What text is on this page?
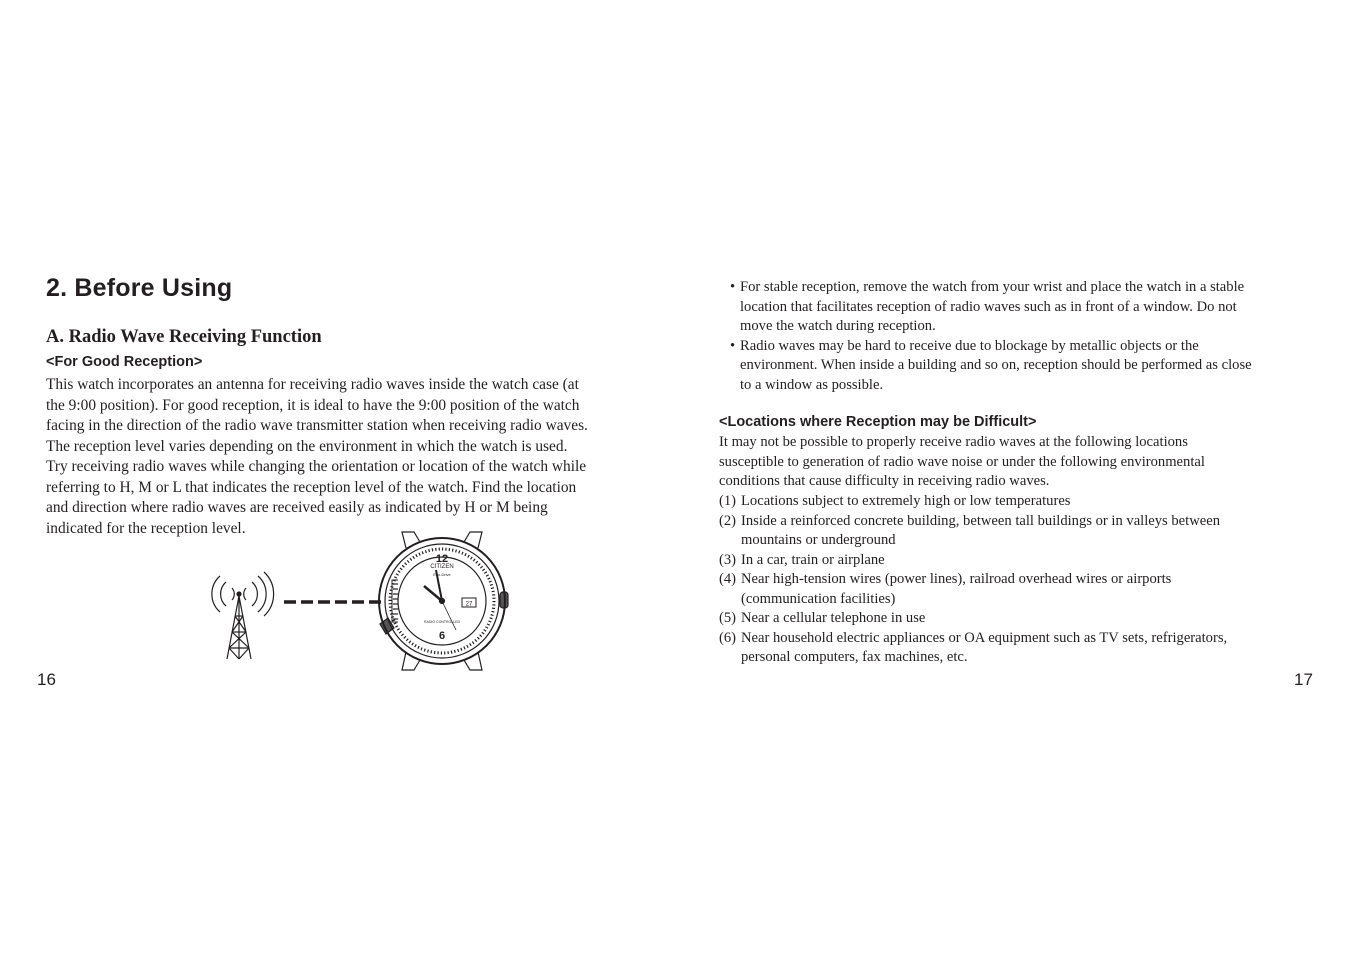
2. Before Using
A. Radio Wave Receiving Function

<For Good Reception>

This watch incorporates an antenna for receiving radio waves inside the watch case (at
the 9:00 position). For good reception, it is ideal to have the 9:00 position of the watch
facing in the direction of the radio wave transmitter station when receiving radio waves.
The reception level varies depending on the environment in which the watch is used.
Try receiving radio waves while changing the orientation or location of the watch while
referring to H, M or L that indicates the reception level of the watch. Find the location
and direction where radio waves are received easily as indicated by H or M being
indicated for the reception level.
CITIZEN
Eco-Drive
12
6
27
RADIO CONTROLLED

16

• For stable reception, remove the watch from your wrist and place the watch in a stable
location that facilitates reception of radio waves such as in front of a window. Do not
move the watch during reception.
• Radio waves may be hard to receive due to blockage by metallic objects or the
environment. When inside a building and so on, reception should be performed as close
to a window as possible.

<Locations where Reception may be Difficult>

It may not be possible to properly receive radio waves at the following locations
susceptible to generation of radio wave noise or under the following environmental
conditions that cause difficulty in receiving radio waves.
(1) Locations subject to extremely high or low temperatures
(2) Inside a reinforced concrete building, between tall buildings or in valleys between
mountains or underground
(3) In a car, train or airplane
(4) Near high-tension wires (power lines), railroad overhead wires or airports
(communication facilities)
(5) Near a cellular telephone in use
(6) Near household electric appliances or OA equipment such as TV sets, refrigerators,
personal computers, fax machines, etc.

17
